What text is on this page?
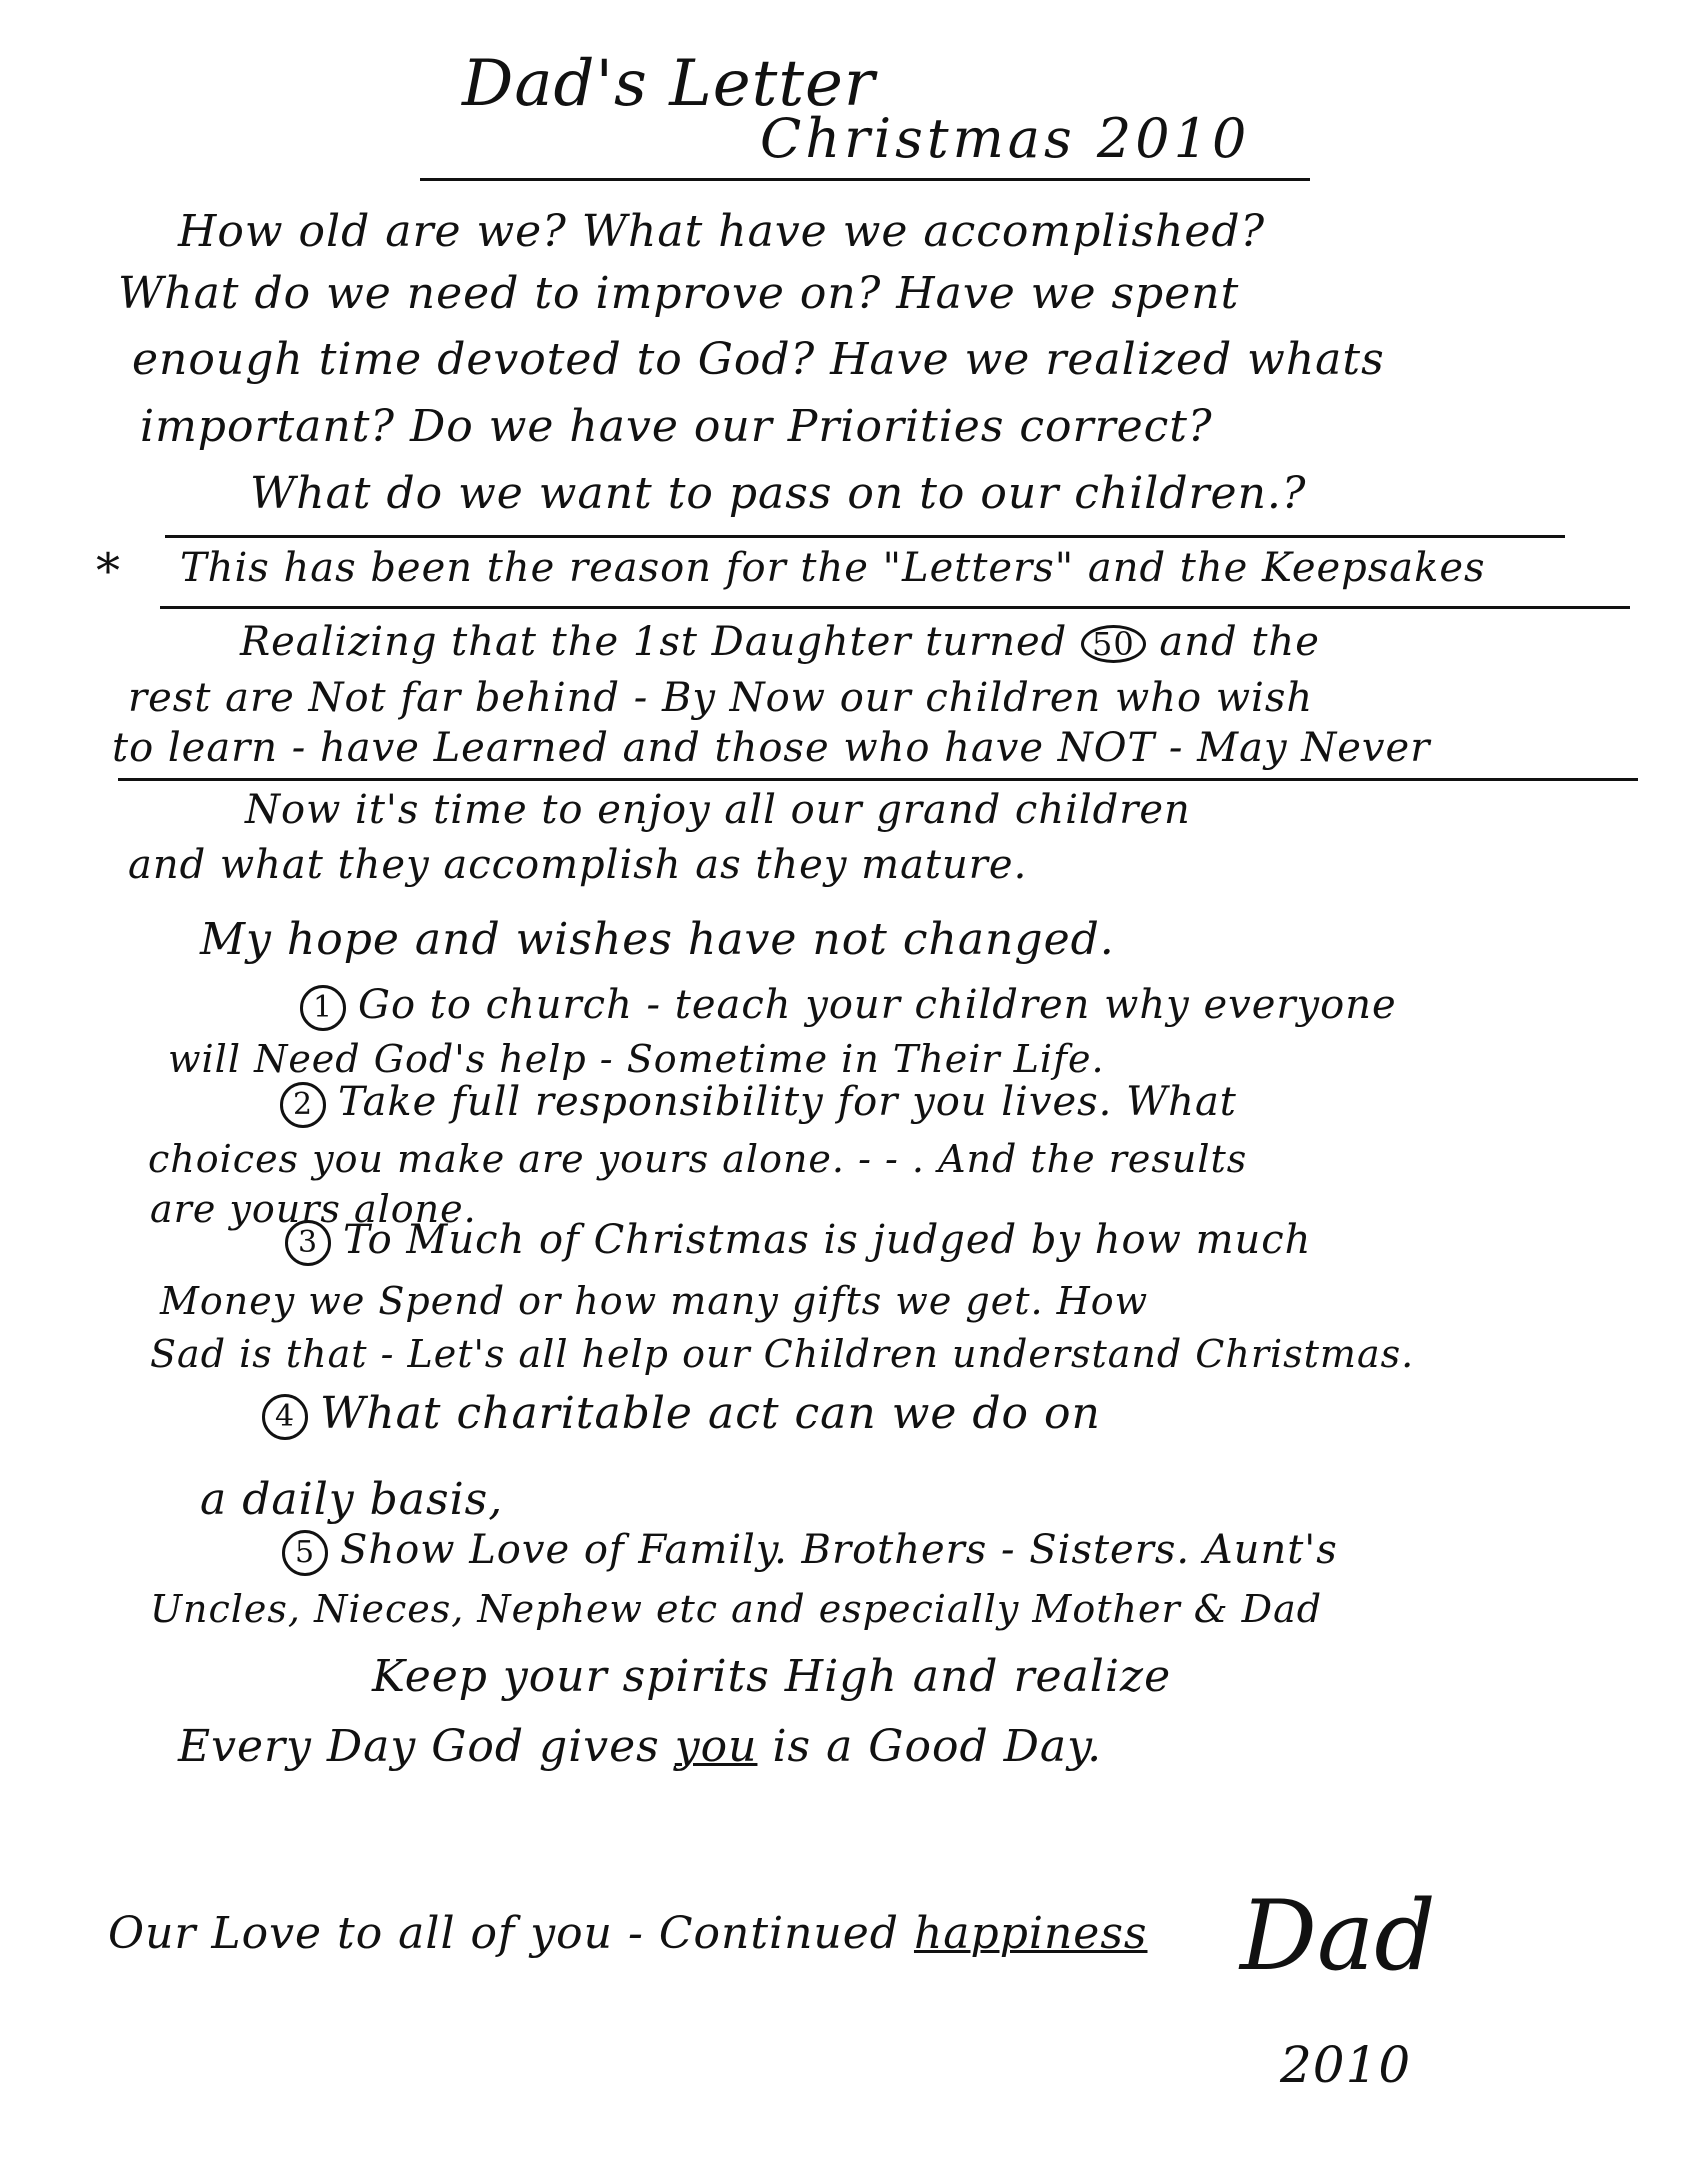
Dad's Letter
Christmas 2010
How old are we? What have we accomplished?
What do we need to improve on? Have we spent
enough time devoted to God? Have we realized whats
important? Do we have our Priorities correct?
What do we want to pass on to our children.?
* This has been the reason for the "Letters" and the Keepsakes
Realizing that the 1st Daughter turned 50 and the
rest are Not far behind - By Now our children who wish
to learn - have Learned and those who have NOT - May Never
Now it's time to enjoy all our grand children
and what they accomplish as they mature.
My hope and wishes have not changed.
1 Go to church - teach your children why everyone
will Need God's help - Sometime in Their Life.
2 Take full responsibility for you lives. What
choices you make are yours alone. - - . And the results
are yours alone.
3 To Much of Christmas is judged by how much
Money we Spend or how many gifts we get. How
Sad is that - Let's all help our Children understand Christmas.
4 What charitable act can we do on
a daily basis,
5 Show Love of Family. Brothers - Sisters. Aunt's
Uncles, Nieces, Nephew etc and especially Mother & Dad
Keep your spirits High and realize
Every Day God gives you is a Good Day.
Our Love to all of you - Continued happiness Dad
2010
